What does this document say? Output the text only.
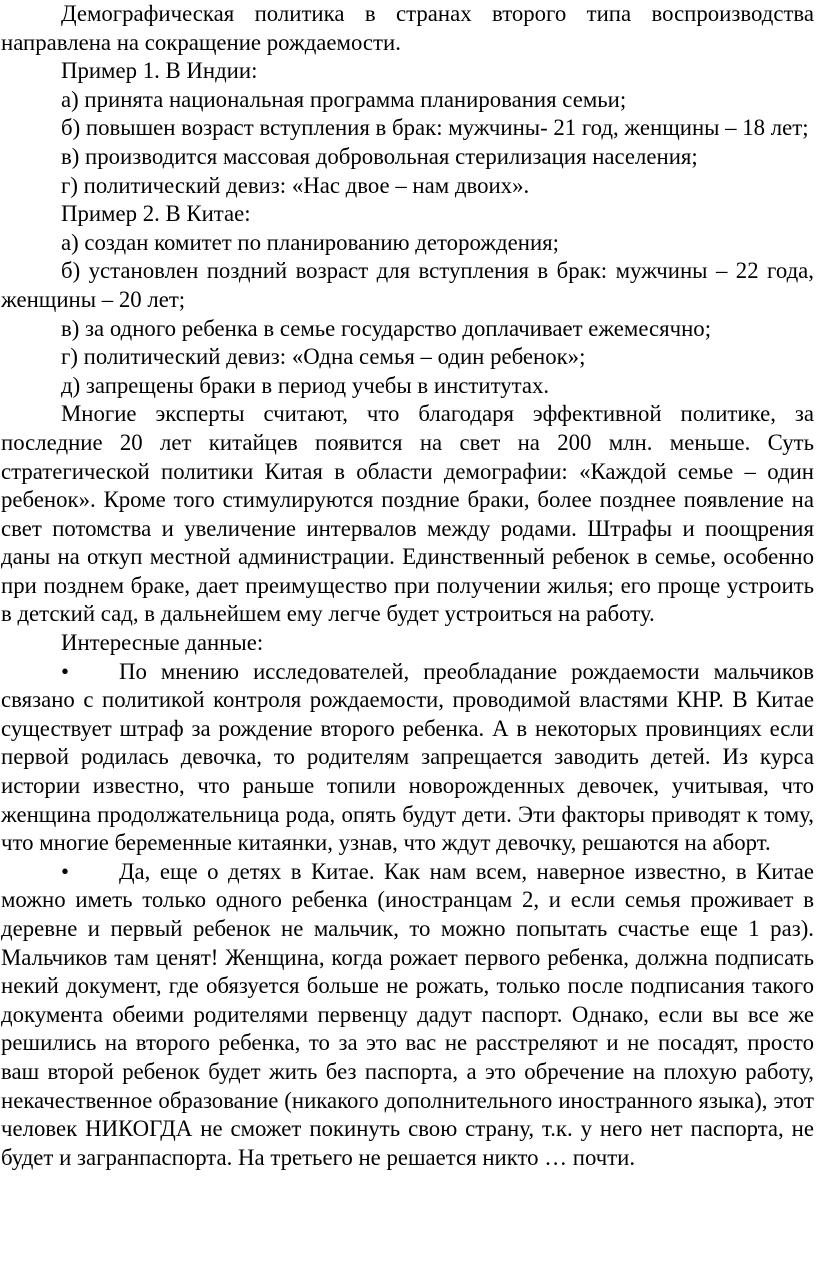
Демографическая политика в странах второго типа воспроизводства направлена на сокращение рождаемости.

Пример 1. В Индии:

а) принята национальная программа планирования семьи;

б) повышен возраст вступления в брак: мужчины- 21 год, женщины – 18 лет;

в) производится массовая добровольная стерилизация населения;

г) политический девиз: «Нас двое – нам двоих».

Пример 2. В Китае:

а) создан комитет по планированию деторождения;

б) установлен поздний возраст для вступления в брак: мужчины – 22 года, женщины – 20 лет;

в) за одного ребенка в семье государство доплачивает ежемесячно;

г) политический девиз: «Одна семья – один ребенок»;

д) запрещены браки в период учебы в институтах.

Многие эксперты считают, что благодаря эффективной политике, за последние 20 лет китайцев появится на свет на 200 млн. меньше. Суть стратегической политики Китая в области демографии: «Каждой семье – один ребенок». Кроме того стимулируются поздние браки, более позднее появление на свет потомства и увеличение интервалов между родами. Штрафы и поощрения даны на откуп местной администрации. Единственный ребенок в семье, особенно при позднем браке, дает преимущество при получении жилья; его проще устроить в детский сад, в дальнейшем ему легче будет устроиться на работу.

Интересные данные:

• По мнению исследователей, преобладание рождаемости мальчиков связано с политикой контроля рождаемости, проводимой властями КНР. В Китае существует штраф за рождение второго ребенка. А в некоторых провинциях если первой родилась девочка, то родителям запрещается заводить детей. Из курса истории известно, что раньше топили новорожденных девочек, учитывая, что женщина продолжательница рода, опять будут дети. Эти факторы приводят к тому, что многие беременные китаянки, узнав, что ждут девочку, решаются на аборт.

• Да, еще о детях в Китае. Как нам всем, наверное известно, в Китае можно иметь только одного ребенка (иностранцам 2, и если семья проживает в деревне и первый ребенок не мальчик, то можно попытать счастье еще 1 раз). Мальчиков там ценят! Женщина, когда рожает первого ребенка, должна подписать некий документ, где обязуется больше не рожать, только после подписания такого документа обеими родителями первенцу дадут паспорт. Однако, если вы все же решились на второго ребенка, то за это вас не расстреляют и не посадят, просто ваш второй ребенок будет жить без паспорта, а это обречение на плохую работу, некачественное образование (никакого дополнительного иностранного языка), этот человек НИКОГДА не сможет покинуть свою страну, т.к. у него нет паспорта, не будет и загранпаспорта. На третьего не решается никто … почти.
